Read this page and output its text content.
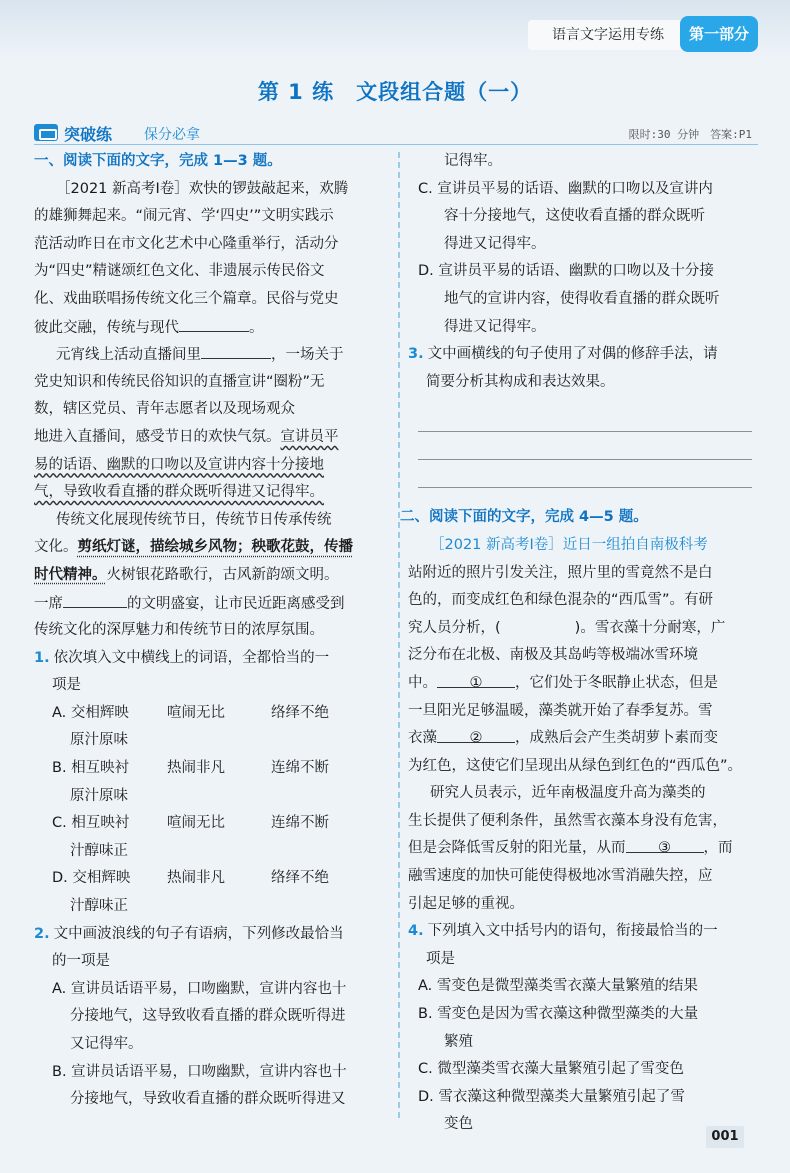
语言文字运用专练	第一部分
第 1 练　文段组合题（一）
突破练 保分必拿	限时:30 分钟　答案:P1
一、阅读下面的文字，完成 1—3 题。
［2021 新高考Ⅰ卷］欢快的锣鼓敲起来，欢腾
的雄狮舞起来。“闹元宵、学‘四史’”文明实践示
范活动昨日在市文化艺术中心隆重举行，活动分
为“四史”精谜颂红色文化、非遗展示传民俗文
化、戏曲联唱扬传统文化三个篇章。民俗与党史
彼此交融，传统与现代	。
元宵线上活动直播间里	，一场关于
党史知识和传统民俗知识的直播宣讲“圈粉”无
数，辖区党员、青年志愿者以及现场观众
地进入直播间，感受节日的欢快气氛。宣讲员平
易的话语、幽默的口吻以及宣讲内容十分接地
气，导致收看直播的群众既听得进又记得牢。
传统文化展现传统节日，传统节日传承传统
文化。剪纸灯谜，描绘城乡风物；秧歌花鼓，传播
时代精神。火树银花路歌行，古风新韵颂文明。
一席	的文明盛宴，让市民近距离感受到
传统文化的深厚魅力和传统节日的浓厚氛围。
1. 依次填入文中横线上的词语，全都恰当的一
项是
A. 交相辉映	喧闹无比	络绎不绝
原汁原味
B. 相互映衬	热闹非凡	连绵不断
原汁原味
C. 相互映衬	喧闹无比	连绵不断
汁醇味正
D. 交相辉映	热闹非凡	络绎不绝
汁醇味正
2. 文中画波浪线的句子有语病，下列修改最恰当
的一项是
A. 宣讲员话语平易，口吻幽默，宣讲内容也十
分接地气，这导致收看直播的群众既听得进
又记得牢。
B. 宣讲员话语平易，口吻幽默，宣讲内容也十
分接地气，导致收看直播的群众既听得进又
记得牢。
C. 宣讲员平易的话语、幽默的口吻以及宣讲内
容十分接地气，这使收看直播的群众既听
得进又记得牢。
D. 宣讲员平易的话语、幽默的口吻以及十分接
地气的宣讲内容，使得收看直播的群众既听
得进又记得牢。
3. 文中画横线的句子使用了对偶的修辞手法，请
简要分析其构成和表达效果。
二、阅读下面的文字，完成 4—5 题。
［2021 新高考Ⅰ卷］近日一组拍自南极科考
站附近的照片引发关注，照片里的雪竟然不是白
色的，而变成红色和绿色混杂的“西瓜雪”。有研
究人员分析，(	)。雪衣藻十分耐寒，广
泛分布在北极、南极及其岛屿等极端冰雪环境
中。 ① ，它们处于冬眠静止状态，但是
一旦阳光足够温暖，藻类就开始了春季复苏。雪
衣藻 ② ，成熟后会产生类胡萝卜素而变
为红色，这使它们呈现出从绿色到红色的“西瓜色”。
研究人员表示，近年南极温度升高为藻类的
生长提供了便利条件，虽然雪衣藻本身没有危害，
但是会降低雪反射的阳光量，从而 ③ ，而
融雪速度的加快可能使得极地冰雪消融失控，应
引起足够的重视。
4. 下列填入文中括号内的语句，衔接最恰当的一
项是
A. 雪变色是微型藻类雪衣藻大量繁殖的结果
B. 雪变色是因为雪衣藻这种微型藻类的大量
繁殖
C. 微型藻类雪衣藻大量繁殖引起了雪变色
D. 雪衣藻这种微型藻类大量繁殖引起了雪
变色
001
